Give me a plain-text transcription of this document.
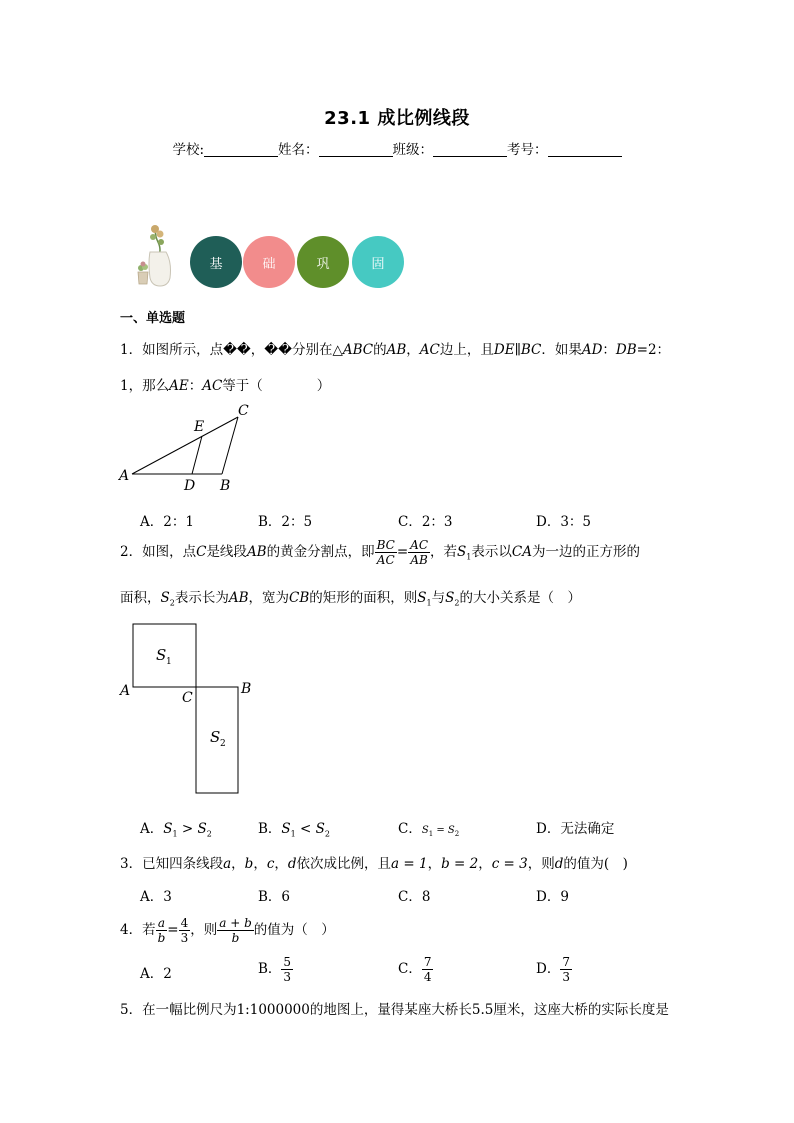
23.1 成比例线段
学校:	姓名：	班级：	考号：
基	础	巩	固
一、单选题
1．如图所示，点��，��分别在△ABC的AB，AC边上，且DE∥BC．如果AD：DB=2：
1，那么AE：AC等于（　　　　）
A
B
C
D
E
A．2：1	B．2：5	C．2：3	D．3：5
2．如图，点C是线段AB的黄金分割点，即 $\frac{BC}{AC} = \frac{AC}{AB}$ ，若$S_1$表示以CA为一边的正方形的
面积，$S_2$表示长为AB，宽为CB的矩形的面积，则$S_1$与$S_2$的大小关系是（　）
S 1
S 2
A	B
C
A．$S_1 > S_2$	B．$S_1 < S_2$	C．$S_1 = S_2$	D．无法确定
3．已知四条线段a，b，c，d依次成比例，且a = 1，b = 2，c = 3，则d的值为(　)
A．3	B．6	C．8	D．9
4．若 $\frac{a}{b} = \frac{4}{3}$ ，则 $\frac{a + b}{b}$ 的值为（　）
A．2	B． $\frac{5}{3}$	C． $\frac{7}{4}$	D． $\frac{7}{3}$
5．在一幅比例尺为1:1000000的地图上，量得某座大桥长5.5厘米，这座大桥的实际长度是
